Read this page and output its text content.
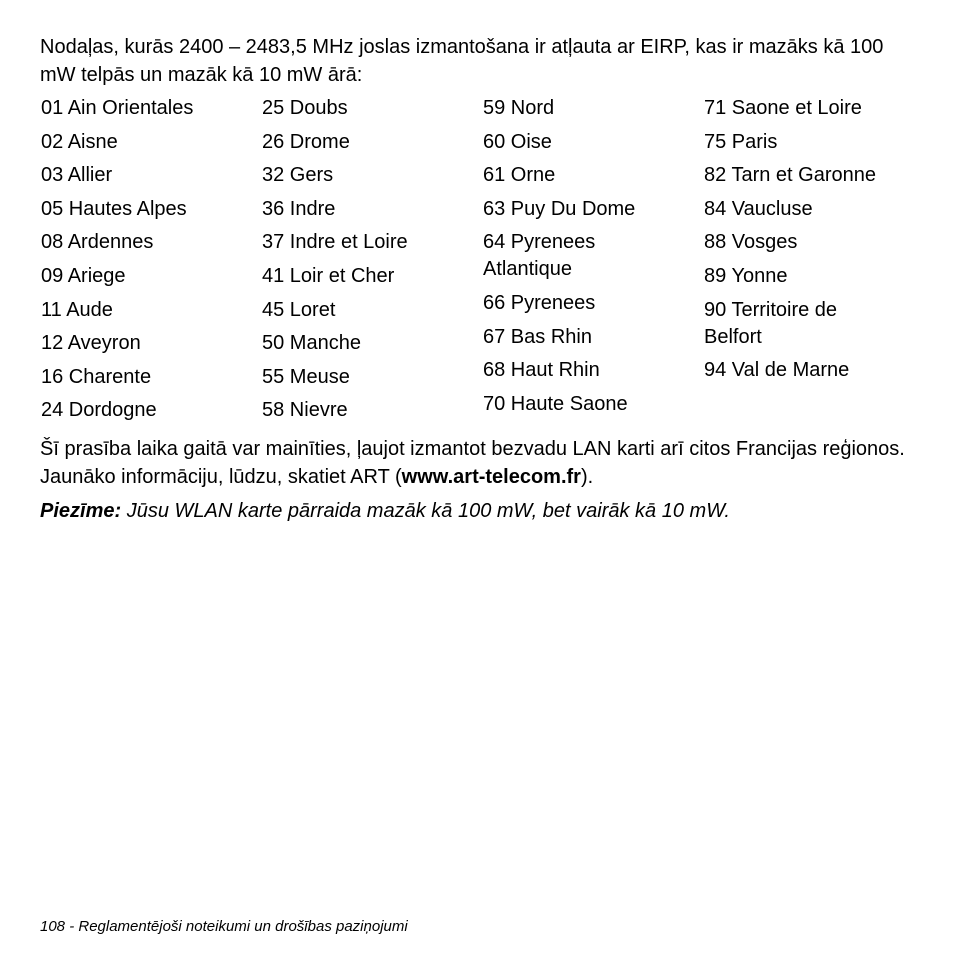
Nodaļas, kurās 2400 – 2483,5 MHz joslas izmantošana ir atļauta ar EIRP, kas ir mazāks kā 100 mW telpās un mazāk kā 10 mW ārā:

01 Ain Orientales
02 Aisne
03 Allier
05 Hautes Alpes
08 Ardennes
09 Ariege
11 Aude
12 Aveyron
16 Charente
24 Dordogne
25 Doubs
26 Drome
32 Gers
36 Indre
37 Indre et Loire
41 Loir et Cher
45 Loret
50 Manche
55 Meuse
58 Nievre
59 Nord
60 Oise
61 Orne
63 Puy Du Dome
64 Pyrenees Atlantique
66 Pyrenees
67 Bas Rhin
68 Haut Rhin
70 Haute Saone
71 Saone et Loire
75 Paris
82 Tarn et Garonne
84 Vaucluse
88 Vosges
89 Yonne
90 Territoire de Belfort
94 Val de Marne

Šī prasība laika gaitā var mainīties, ļaujot izmantot bezvadu LAN karti arī citos Francijas reģionos.

Jaunāko informāciju, lūdzu, skatiet ART (www.art-telecom.fr).

Piezīme: Jūsu WLAN karte pārraida mazāk kā 100 mW, bet vairāk kā 10 mW.

108 - Reglamentējoši noteikumi un drošības paziņojumi
